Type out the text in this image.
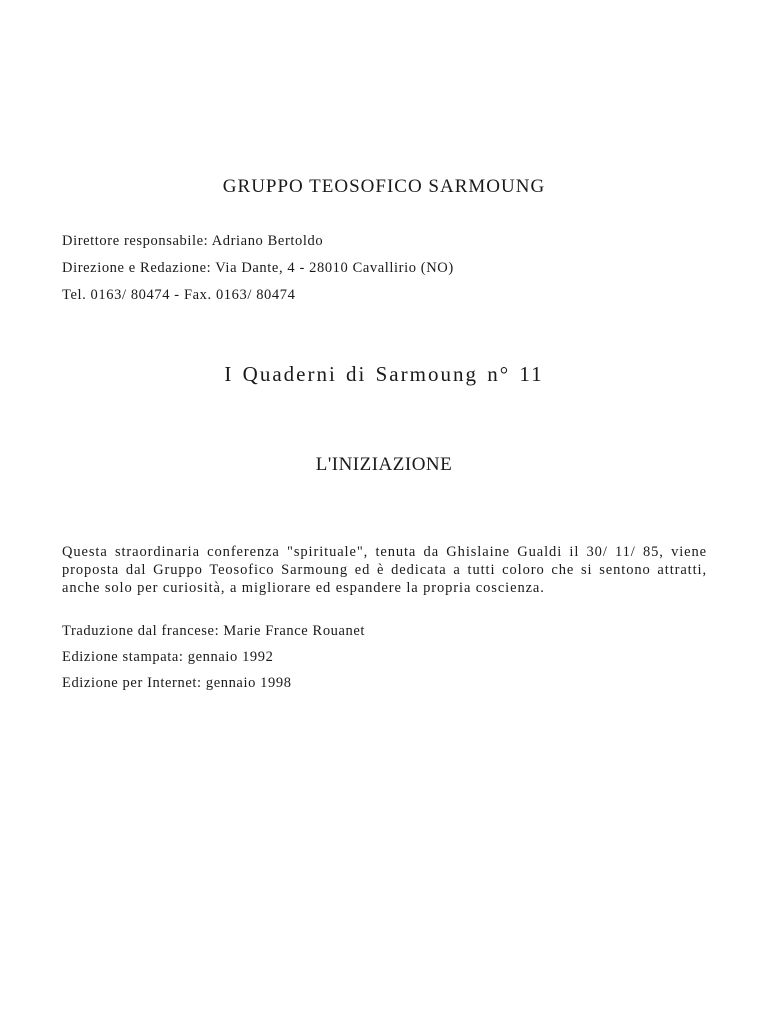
GRUPPO TEOSOFICO SARMOUNG
Direttore responsabile: Adriano Bertoldo
Direzione e Redazione: Via Dante, 4 - 28010 Cavallirio (NO)
Tel. 0163/ 80474 - Fax. 0163/ 80474
I Quaderni di Sarmoung n° 11
L'INIZIAZIONE

Questa straordinaria conferenza "spirituale", tenuta da Ghislaine Gualdi il 30/ 11/ 85, viene proposta dal Gruppo Teosofico Sarmoung ed è dedicata a tutti coloro che si sentono attratti, anche solo per curiosità, a migliorare ed espandere la propria coscienza.

Traduzione dal francese: Marie France Rouanet
Edizione stampata: gennaio 1992
Edizione per Internet: gennaio 1998
